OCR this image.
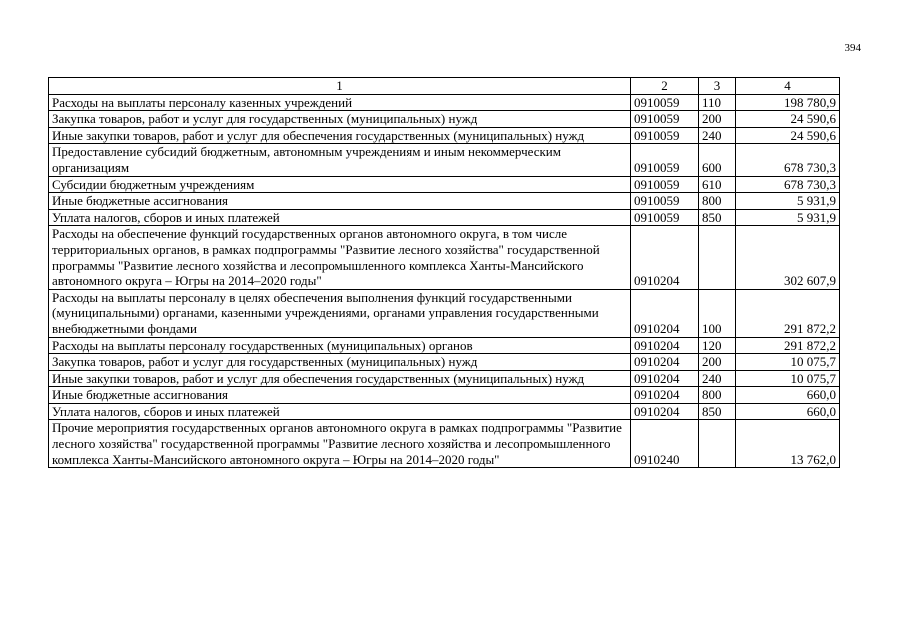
394
1	2	3	4
Расходы на выплаты персоналу казенных учреждений	0910059	110	198 780,9
Закупка товаров, работ и услуг для государственных (муниципальных) нужд	0910059	200	24 590,6
Иные закупки товаров, работ и услуг для обеспечения государственных (муниципальных) нужд	0910059	240	24 590,6
Предоставление субсидий бюджетным, автономным учреждениям и иным некоммерческим организациям	0910059	600	678 730,3
Субсидии бюджетным учреждениям	0910059	610	678 730,3
Иные бюджетные ассигнования	0910059	800	5 931,9
Уплата налогов, сборов и иных платежей	0910059	850	5 931,9
Расходы на обеспечение функций государственных органов автономного округа, в том числе территориальных органов, в рамках подпрограммы "Развитие лесного хозяйства" государственной программы "Развитие лесного хозяйства и лесопромышленного комплекса Ханты-Мансийского автономного округа – Югры на 2014–2020 годы"	0910204		302 607,9
Расходы на выплаты персоналу в целях обеспечения выполнения функций государственными (муниципальными) органами, казенными учреждениями, органами управления государственными внебюджетными фондами	0910204	100	291 872,2
Расходы на выплаты персоналу государственных (муниципальных) органов	0910204	120	291 872,2
Закупка товаров, работ и услуг для государственных (муниципальных) нужд	0910204	200	10 075,7
Иные закупки товаров, работ и услуг для обеспечения государственных (муниципальных) нужд	0910204	240	10 075,7
Иные бюджетные ассигнования	0910204	800	660,0
Уплата налогов, сборов и иных платежей	0910204	850	660,0
Прочие мероприятия государственных органов автономного округа в рамках подпрограммы "Развитие лесного хозяйства" государственной программы "Развитие лесного хозяйства и лесопромышленного комплекса Ханты-Мансийского автономного округа – Югры на 2014–2020 годы"	0910240		13 762,0
